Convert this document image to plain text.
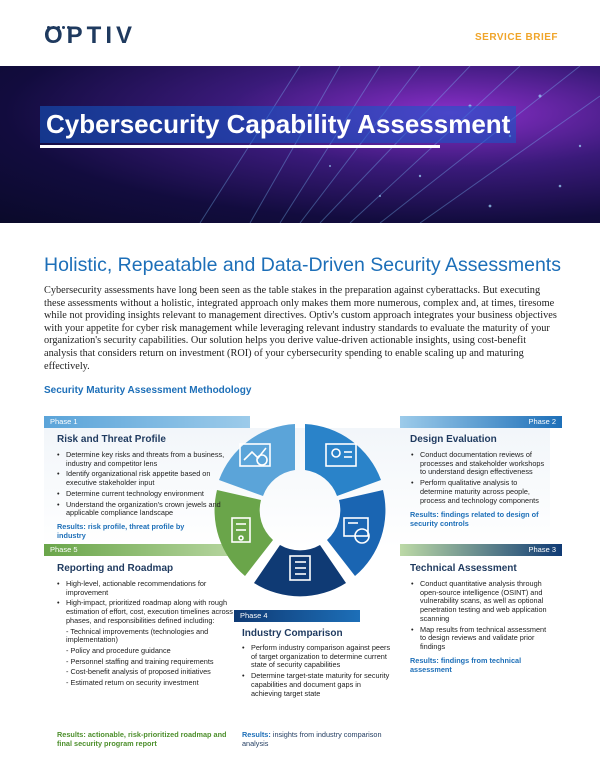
OPTIV	SERVICE BRIEF
Cybersecurity Capability Assessment
Holistic, Repeatable and Data-Driven Security Assessments
Cybersecurity assessments have long been seen as the table stakes in the preparation against cyberattacks. But executing these assessments without a holistic, integrated approach only makes them more numerous, complex and, at times, tiresome while not providing insights relevant to management directives. Optiv's custom approach integrates your business objectives with your appetite for cyber risk management while leveraging relevant industry standards to evaluate the maturity of your organization's security capabilities. Our solution helps you derive value-driven actionable insights, using cost-benefit analysis that considers return on investment (ROI) of your cybersecurity spending to enable scaling up and maturing effectively.
Security Maturity Assessment Methodology
Phase 1	Phase 2
Phase 5	Phase 3
Phase 4
Risk and Threat Profile
• Determine key risks and threats from a business, industry and competitor lens
• Identify organizational risk appetite based on executive stakeholder input
• Determine current technology environment
• Understand the organization's crown jewels and applicable compliance landscape
Results: risk profile, threat profile by industry
Design Evaluation
• Conduct documentation reviews of processes and stakeholder workshops to understand design effectiveness
• Perform qualitative analysis to determine maturity across people, process and technology components
Results: findings related to design of security controls
Reporting and Roadmap
• High-level, actionable recommendations for improvement
• High-impact, prioritized roadmap along with rough estimation of effort, cost, execution timelines across phases, and responsibilities defined including:
- Technical improvements (technologies and implementation)
- Policy and procedure guidance
- Personnel staffing and training requirements
- Cost-benefit analysis of proposed initiatives
- Estimated return on security investment
Results: actionable, risk-prioritized roadmap and final security program report
Technical Assessment
• Conduct quantitative analysis through open-source intelligence (OSINT) and vulnerability scans, as well as optional penetration testing and web application scanning
• Map results from technical assessment to design reviews and validate prior findings
Results: findings from technical assessment
Industry Comparison
• Perform industry comparison against peers of target organization to determine current state of security capabilities
• Determine target-state maturity for security capabilities and document gaps in achieving target state
Results: insights from industry comparison analysis
